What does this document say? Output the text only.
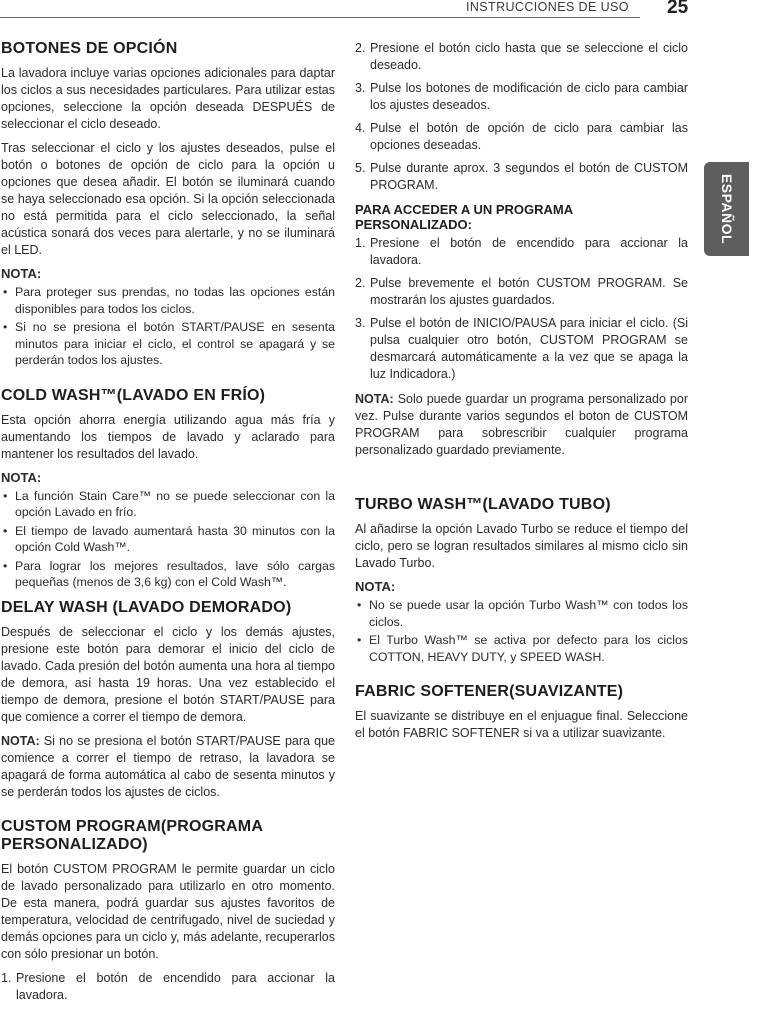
INSTRUCCIONES DE USO 25
ESPAÑOL
BOTONES DE OPCIÓN

La lavadora incluye varias opciones adicionales para daptar los ciclos a sus necesidades particulares. Para utilizar estas opciones, seleccione la opción deseada DESPUÉS de seleccionar el ciclo deseado.

Tras seleccionar el ciclo y los ajustes deseados, pulse el botón o botones de opción de ciclo para la opción u opciones que desea añadir. El botón se iluminará cuando se haya seleccionado esa opción. Si la opción seleccionada no está permitida para el ciclo seleccionado, la señal acústica sonará dos veces para alertarle, y no se iluminará el LED.

NOTA:
• Para proteger sus prendas, no todas las opciones están disponibles para todos los ciclos.
• Si no se presiona el botón START/PAUSE en sesenta minutos para iniciar el ciclo, el control se apagará y se perderán todos los ajustes.
COLD WASH™(LAVADO EN FRÍO)

Esta opción ahorra energía utilizando agua más fría y aumentando los tiempos de lavado y aclarado para mantener los resultados del lavado.

NOTA:
• La función Stain Care™ no se puede seleccionar con la opción Lavado en frío.
• El tiempo de lavado aumentará hasta 30 minutos con la opción Cold Wash™.
• Para lograr los mejores resultados, lave sólo cargas pequeñas (menos de 3,6 kg) con el Cold Wash™.
DELAY WASH (LAVADO DEMORADO)

Después de seleccionar el ciclo y los demás ajustes, presione este botón para demorar el inicio del ciclo de lavado. Cada presión del botón aumenta una hora al tiempo de demora, así hasta 19 horas. Una vez establecido el tiempo de demora, presione el botón START/PAUSE para que comience a correr el tiempo de demora.

NOTA: Si no se presiona el botón START/PAUSE para que comience a correr el tiempo de retraso, la lavadora se apagará de forma automática al cabo de sesenta minutos y se perderán todos los ajustes de ciclos.

CUSTOM PROGRAM(PROGRAMA
PERSONALIZADO)

El botón CUSTOM PROGRAM le permite guardar un ciclo de lavado personalizado para utilizarlo en otro momento. De esta manera, podrá guardar sus ajustes favoritos de temperatura, velocidad de centrifugado, nivel de suciedad y demás opciones para un ciclo y, más adelante, recuperarlos con sólo presionar un botón.

1. Presione el botón de encendido para accionar la lavadora.
2. Presione el botón ciclo hasta que se seleccione el ciclo deseado.
3. Pulse los botones de modificación de ciclo para cambiar los ajustes deseados.
4. Pulse el botón de opción de ciclo para cambiar las opciones deseadas.
5. Pulse durante aprox. 3 segundos el botón de CUSTOM PROGRAM.
PARA ACCEDER A UN PROGRAMA
PERSONALIZADO:
1. Presione el botón de encendido para accionar la lavadora.
2. Pulse brevemente el botón CUSTOM PROGRAM. Se mostrarán los ajustes guardados.
3. Pulse el botón de INICIO/PAUSA para iniciar el ciclo. (Si pulsa cualquier otro botón, CUSTOM PROGRAM se desmarcará automáticamente a la vez que se apaga la luz Indicadora.)

NOTA: Solo puede guardar un programa personalizado por vez. Pulse durante varios segundos el boton de CUSTOM PROGRAM para sobrescribir cualquier programa personalizado guardado previamente.

TURBO WASH™(LAVADO TUBO)

Al añadirse la opción Lavado Turbo se reduce el tiempo del ciclo, pero se logran resultados similares al mismo ciclo sin Lavado Turbo.

NOTA:
• No se puede usar la opción Turbo Wash™ con todos los ciclos.
• El Turbo Wash™ se activa por defecto para los ciclos COTTON, HEAVY DUTY, y SPEED WASH.
FABRIC SOFTENER(SUAVIZANTE)

El suavizante se distribuye en el enjuague final. Seleccione el botón FABRIC SOFTENER si va a utilizar suavizante.
